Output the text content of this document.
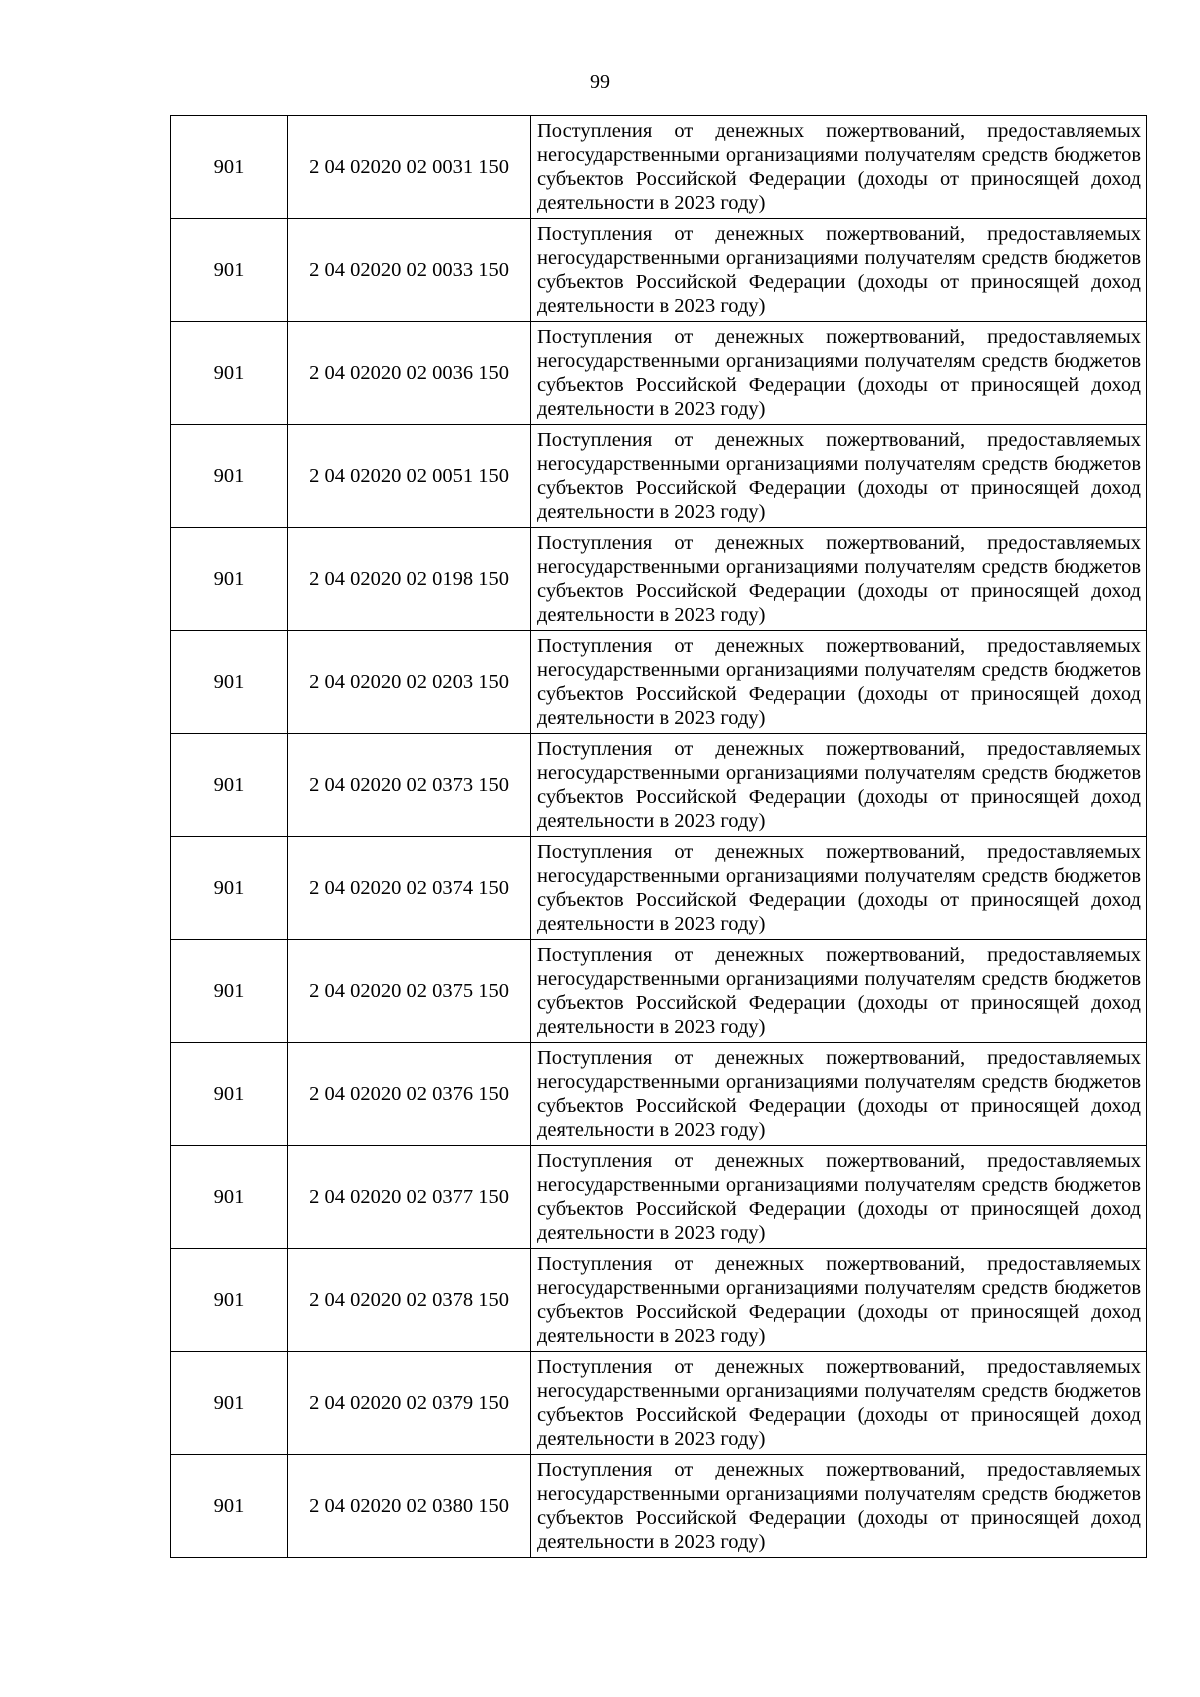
99
901	2 04 02020 02 0031 150	Поступления от денежных пожертвований, предоставляемых негосударственными организациями получателям средств бюджетов субъектов Российской Федерации (доходы от приносящей доход деятельности в 2023 году)
901	2 04 02020 02 0033 150	Поступления от денежных пожертвований, предоставляемых негосударственными организациями получателям средств бюджетов субъектов Российской Федерации (доходы от приносящей доход деятельности в 2023 году)
901	2 04 02020 02 0036 150	Поступления от денежных пожертвований, предоставляемых негосударственными организациями получателям средств бюджетов субъектов Российской Федерации (доходы от приносящей доход деятельности в 2023 году)
901	2 04 02020 02 0051 150	Поступления от денежных пожертвований, предоставляемых негосударственными организациями получателям средств бюджетов субъектов Российской Федерации (доходы от приносящей доход деятельности в 2023 году)
901	2 04 02020 02 0198 150	Поступления от денежных пожертвований, предоставляемых негосударственными организациями получателям средств бюджетов субъектов Российской Федерации (доходы от приносящей доход деятельности в 2023 году)
901	2 04 02020 02 0203 150	Поступления от денежных пожертвований, предоставляемых негосударственными организациями получателям средств бюджетов субъектов Российской Федерации (доходы от приносящей доход деятельности в 2023 году)
901	2 04 02020 02 0373 150	Поступления от денежных пожертвований, предоставляемых негосударственными организациями получателям средств бюджетов субъектов Российской Федерации (доходы от приносящей доход деятельности в 2023 году)
901	2 04 02020 02 0374 150	Поступления от денежных пожертвований, предоставляемых негосударственными организациями получателям средств бюджетов субъектов Российской Федерации (доходы от приносящей доход деятельности в 2023 году)
901	2 04 02020 02 0375 150	Поступления от денежных пожертвований, предоставляемых негосударственными организациями получателям средств бюджетов субъектов Российской Федерации (доходы от приносящей доход деятельности в 2023 году)
901	2 04 02020 02 0376 150	Поступления от денежных пожертвований, предоставляемых негосударственными организациями получателям средств бюджетов субъектов Российской Федерации (доходы от приносящей доход деятельности в 2023 году)
901	2 04 02020 02 0377 150	Поступления от денежных пожертвований, предоставляемых негосударственными организациями получателям средств бюджетов субъектов Российской Федерации (доходы от приносящей доход деятельности в 2023 году)
901	2 04 02020 02 0378 150	Поступления от денежных пожертвований, предоставляемых негосударственными организациями получателям средств бюджетов субъектов Российской Федерации (доходы от приносящей доход деятельности в 2023 году)
901	2 04 02020 02 0379 150	Поступления от денежных пожертвований, предоставляемых негосударственными организациями получателям средств бюджетов субъектов Российской Федерации (доходы от приносящей доход деятельности в 2023 году)
901	2 04 02020 02 0380 150	Поступления от денежных пожертвований, предоставляемых негосударственными организациями получателям средств бюджетов субъектов Российской Федерации (доходы от приносящей доход деятельности в 2023 году)
